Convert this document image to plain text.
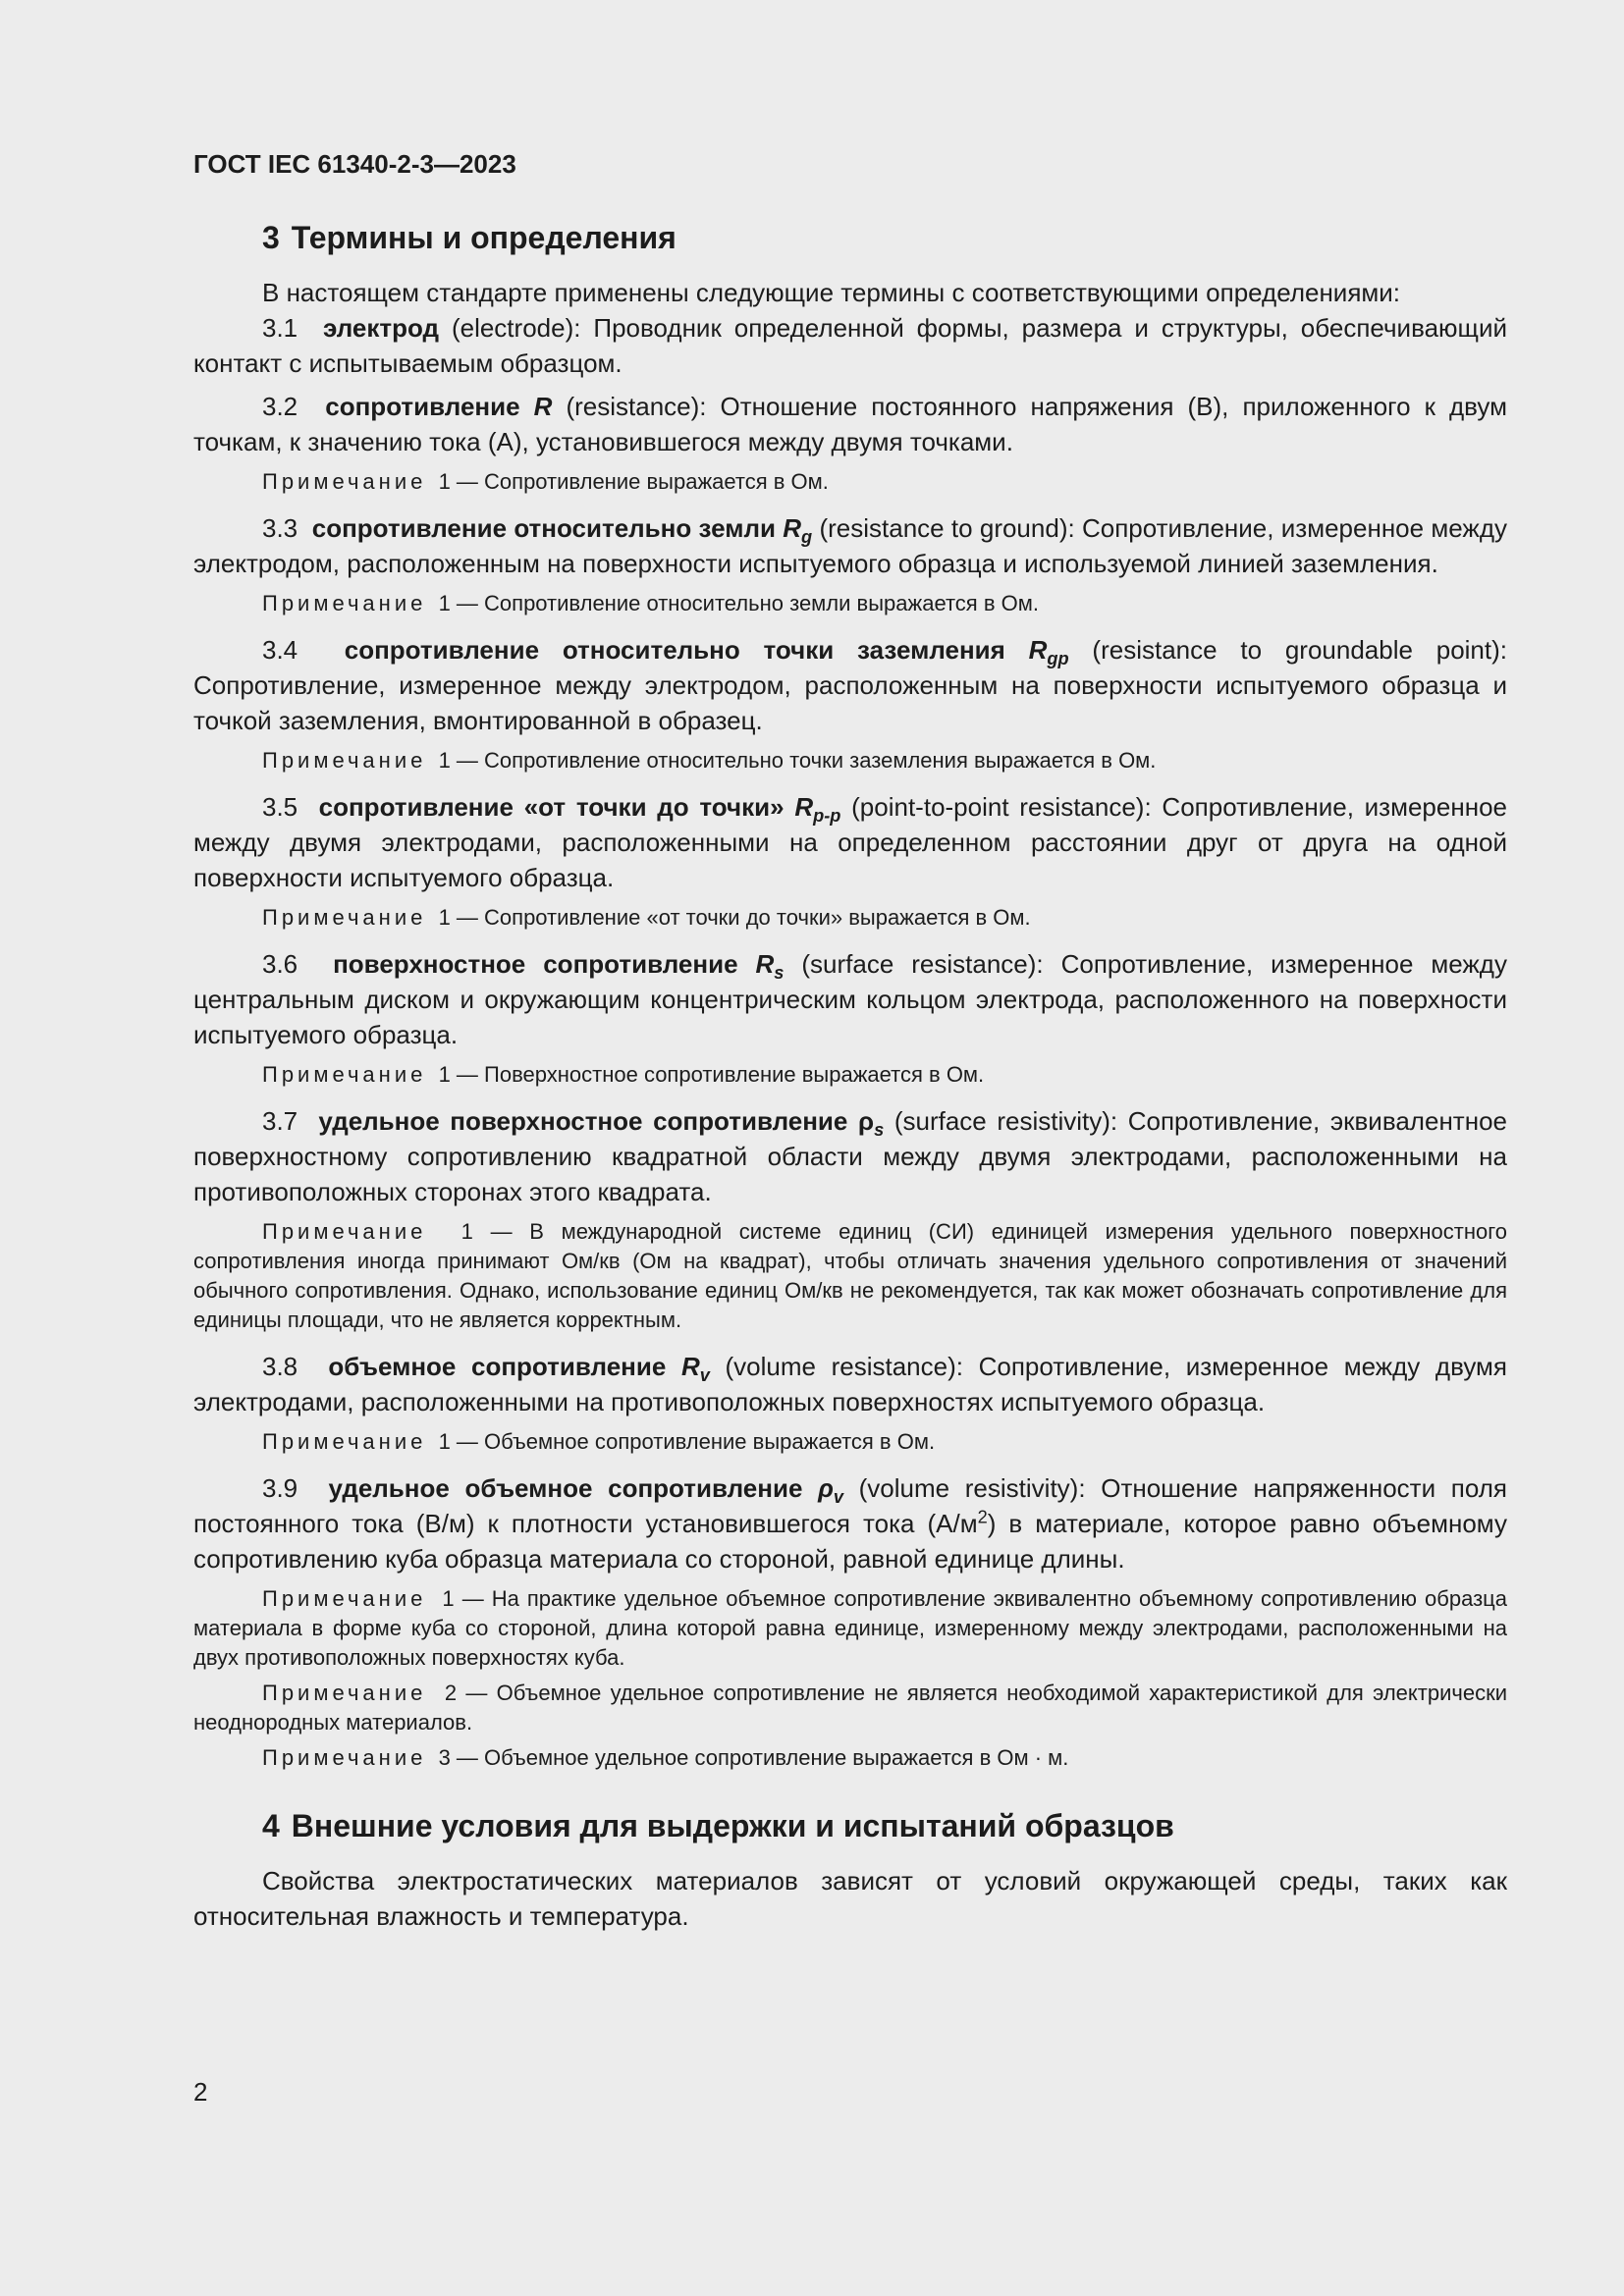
ГОСТ IEC 61340-2-3—2023
3 Термины и определения

В настоящем стандарте применены следующие термины с соответствующими определениями:

3.1 электрод (electrode): Проводник определенной формы, размера и структуры, обеспечивающий контакт с испытываемым образцом.

3.2 сопротивление R (resistance): Отношение постоянного напряжения (В), приложенного к двум точкам, к значению тока (А), установившегося между двумя точками.

Примечание 1 — Сопротивление выражается в Ом.

3.3 сопротивление относительно земли $R_g$ (resistance to ground): Сопротивление, измеренное между электродом, расположенным на поверхности испытуемого образца и используемой линией заземления.

Примечание 1 — Сопротивление относительно земли выражается в Ом.

3.4 сопротивление относительно точки заземления $R_{gp}$ (resistance to groundable point): Сопротивление, измеренное между электродом, расположенным на поверхности испытуемого образца и точкой заземления, вмонтированной в образец.

Примечание 1 — Сопротивление относительно точки заземления выражается в Ом.

3.5 сопротивление «от точки до точки» $R_{p-p}$ (point-to-point resistance): Сопротивление, измеренное между двумя электродами, расположенными на определенном расстоянии друг от друга на одной поверхности испытуемого образца.

Примечание 1 — Сопротивление «от точки до точки» выражается в Ом.

3.6 поверхностное сопротивление $R_s$ (surface resistance): Сопротивление, измеренное между центральным диском и окружающим концентрическим кольцом электрода, расположенного на поверхности испытуемого образца.

Примечание 1 — Поверхностное сопротивление выражается в Ом.

3.7 удельное поверхностное сопротивление $\rho_s$ (surface resistivity): Сопротивление, эквивалентное поверхностному сопротивлению квадратной области между двумя электродами, расположенными на противоположных сторонах этого квадрата.

Примечание 1 — В международной системе единиц (СИ) единицей измерения удельного поверхностного сопротивления иногда принимают Ом/кв (Ом на квадрат), чтобы отличать значения удельного сопротивления от значений обычного сопротивления. Однако, использование единиц Ом/кв не рекомендуется, так как может обозначать сопротивление для единицы площади, что не является корректным.

3.8 объемное сопротивление $R_v$ (volume resistance): Сопротивление, измеренное между двумя электродами, расположенными на противоположных поверхностях испытуемого образца.

Примечание 1 — Объемное сопротивление выражается в Ом.

3.9 удельное объемное сопротивление $\rho_v$ (volume resistivity): Отношение напряженности поля постоянного тока (В/м) к плотности установившегося тока $(А/м^2)$ в материале, которое равно объемному сопротивлению куба образца материала со стороной, равной единице длины.

Примечание 1 — На практике удельное объемное сопротивление эквивалентно объемному сопротивлению образца материала в форме куба со стороной, длина которой равна единице, измеренному между электродами, расположенными на двух противоположных поверхностях куба.

Примечание 2 — Объемное удельное сопротивление не является необходимой характеристикой для электрически неоднородных материалов.

Примечание 3 — Объемное удельное сопротивление выражается в Ом · м.

4 Внешние условия для выдержки и испытаний образцов

Свойства электростатических материалов зависят от условий окружающей среды, таких как относительная влажность и температура.

2
